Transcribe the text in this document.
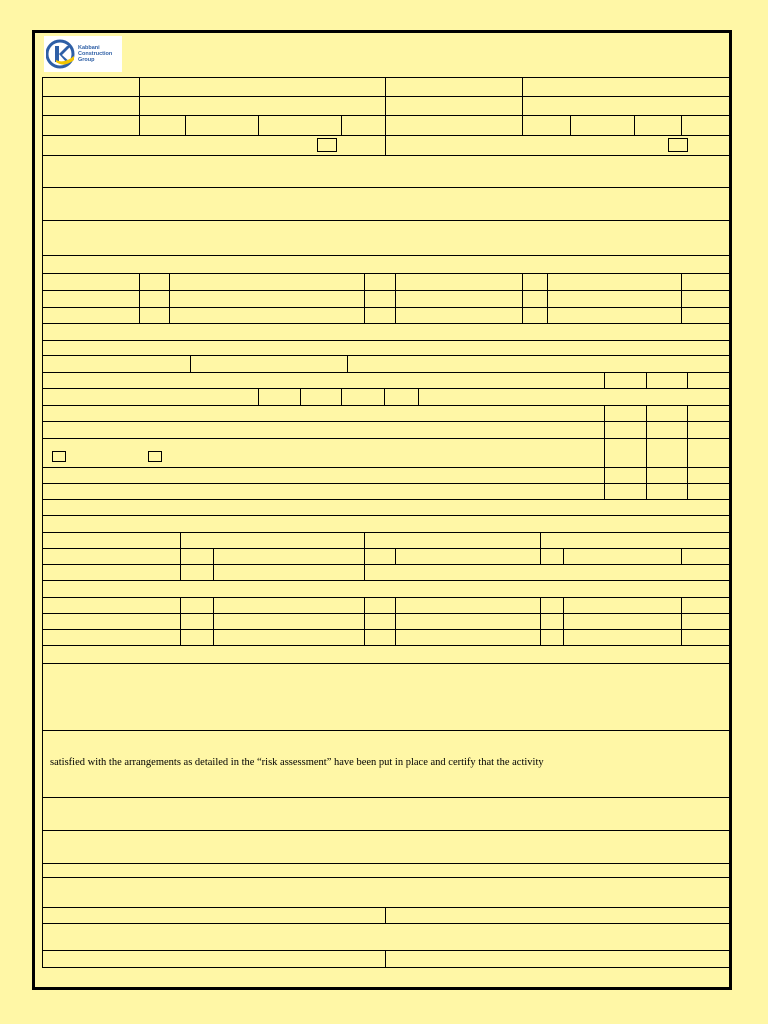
Kabbani
Construction
Group
satisfied with the arrangements as detailed in the “risk assessment” have been put in place and certify that the activity
